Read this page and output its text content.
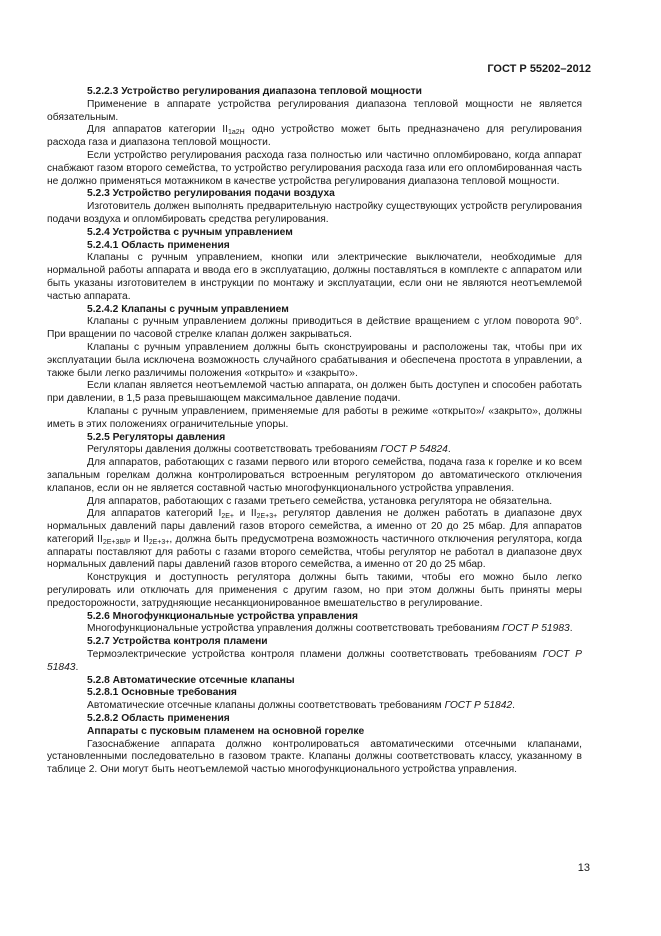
ГОСТ Р 55202–2012

5.2.2.3 Устройство регулирования диапазона тепловой мощности

Применение в аппарате устройства регулирования диапазона тепловой мощности не является обязательным.

Для аппаратов категории $II_{1а2Н}$ одно устройство может быть предназначено для регулирования расхода газа и диапазона тепловой мощности.

Если устройство регулирования расхода газа полностью или частично опломбировано, когда аппарат снабжают газом второго семейства, то устройство регулирования расхода газа или его опломбированная часть не должно применяться мотажником в качестве устройства регулирования диапазона тепловой мощности.

5.2.3 Устройство регулирования подачи воздуха

Изготовитель должен выполнять предварительную настройку существующих устройств регулирования подачи воздуха и опломбировать средства регулирования.

5.2.4 Устройства с ручным управлением

5.2.4.1 Область применения

Клапаны с ручным управлением, кнопки или электрические выключатели, необходимые для нормальной работы аппарата и ввода его в эксплуатацию, должны поставляться в комплекте с аппаратом или быть указаны изготовителем в инструкции по монтажу и эксплуатации, если они не являются неотъемлемой частью аппарата.

5.2.4.2 Клапаны с ручным управлением

Клапаны с ручным управлением должны приводиться в действие вращением с углом поворота 90°. При вращении по часовой стрелке клапан должен закрываться.

Клапаны с ручным управлением должны быть сконструированы и расположены так, чтобы при их эксплуатации была исключена возможность случайного срабатывания и обеспечена простота в управлении, а также были легко различимы положения «открыто» и «закрыто».

Если клапан является неотъемлемой частью аппарата, он должен быть доступен и способен работать при давлении, в 1,5 раза превышающем максимальное давление подачи.

Клапаны с ручным управлением, применяемые для работы в режиме «открыто»/ «закрыто», должны иметь в этих положениях ограничительные упоры.

5.2.5 Регуляторы давления

Регуляторы давления должны соответствовать требованиям ГОСТ Р 54824.

Для аппаратов, работающих с газами первого или второго семейства, подача газа к горелке и ко всем запальным горелкам должна контролироваться встроенным регулятором до автоматического отключения клапанов, если он не является составной частью многофункционального устройства управления.

Для аппаратов, работающих с газами третьего семейства, установка регулятора не обязательна.

Для аппаратов категорий $I_{2Е+}$ и $II_{2Е+3+}$ регулятор давления не должен работать в диапазоне двух нормальных давлений пары давлений газов второго семейства, а именно от 20 до 25 мбар. Для аппаратов категорий $II_{2Е+3В/Р}$ и $II_{2Е+3+}$, должна быть предусмотрена возможность частичного отключения регулятора, когда аппараты поставляют для работы с газами второго семейства, чтобы регулятор не работал в диапазоне двух нормальных давлений пары давлений газов второго семейства, а именно от 20 до 25 мбар.

Конструкция и доступность регулятора должны быть такими, чтобы его можно было легко регулировать или отключать для применения с другим газом, но при этом должны быть приняты меры предосторожности, затрудняющие несанкционированное вмешательство в регулирование.

5.2.6 Многофункциональные устройства управления

Многофункциональные устройства управления должны соответствовать требованиям ГОСТ Р 51983.

5.2.7 Устройства контроля пламени

Термоэлектрические устройства контроля пламени должны соответствовать требованиям ГОСТ Р 51843.

5.2.8 Автоматические отсечные клапаны

5.2.8.1 Основные требования

Автоматические отсечные клапаны должны соответствовать требованиям ГОСТ Р 51842.

5.2.8.2 Область применения

Аппараты с пусковым пламенем на основной горелке

Газоснабжение аппарата должно контролироваться автоматическими отсечными клапанами, установленными последовательно в газовом тракте. Клапаны должны соответствовать классу, указанному в таблице 2. Они могут быть неотъемлемой частью многофункционального устройства управления.

13
